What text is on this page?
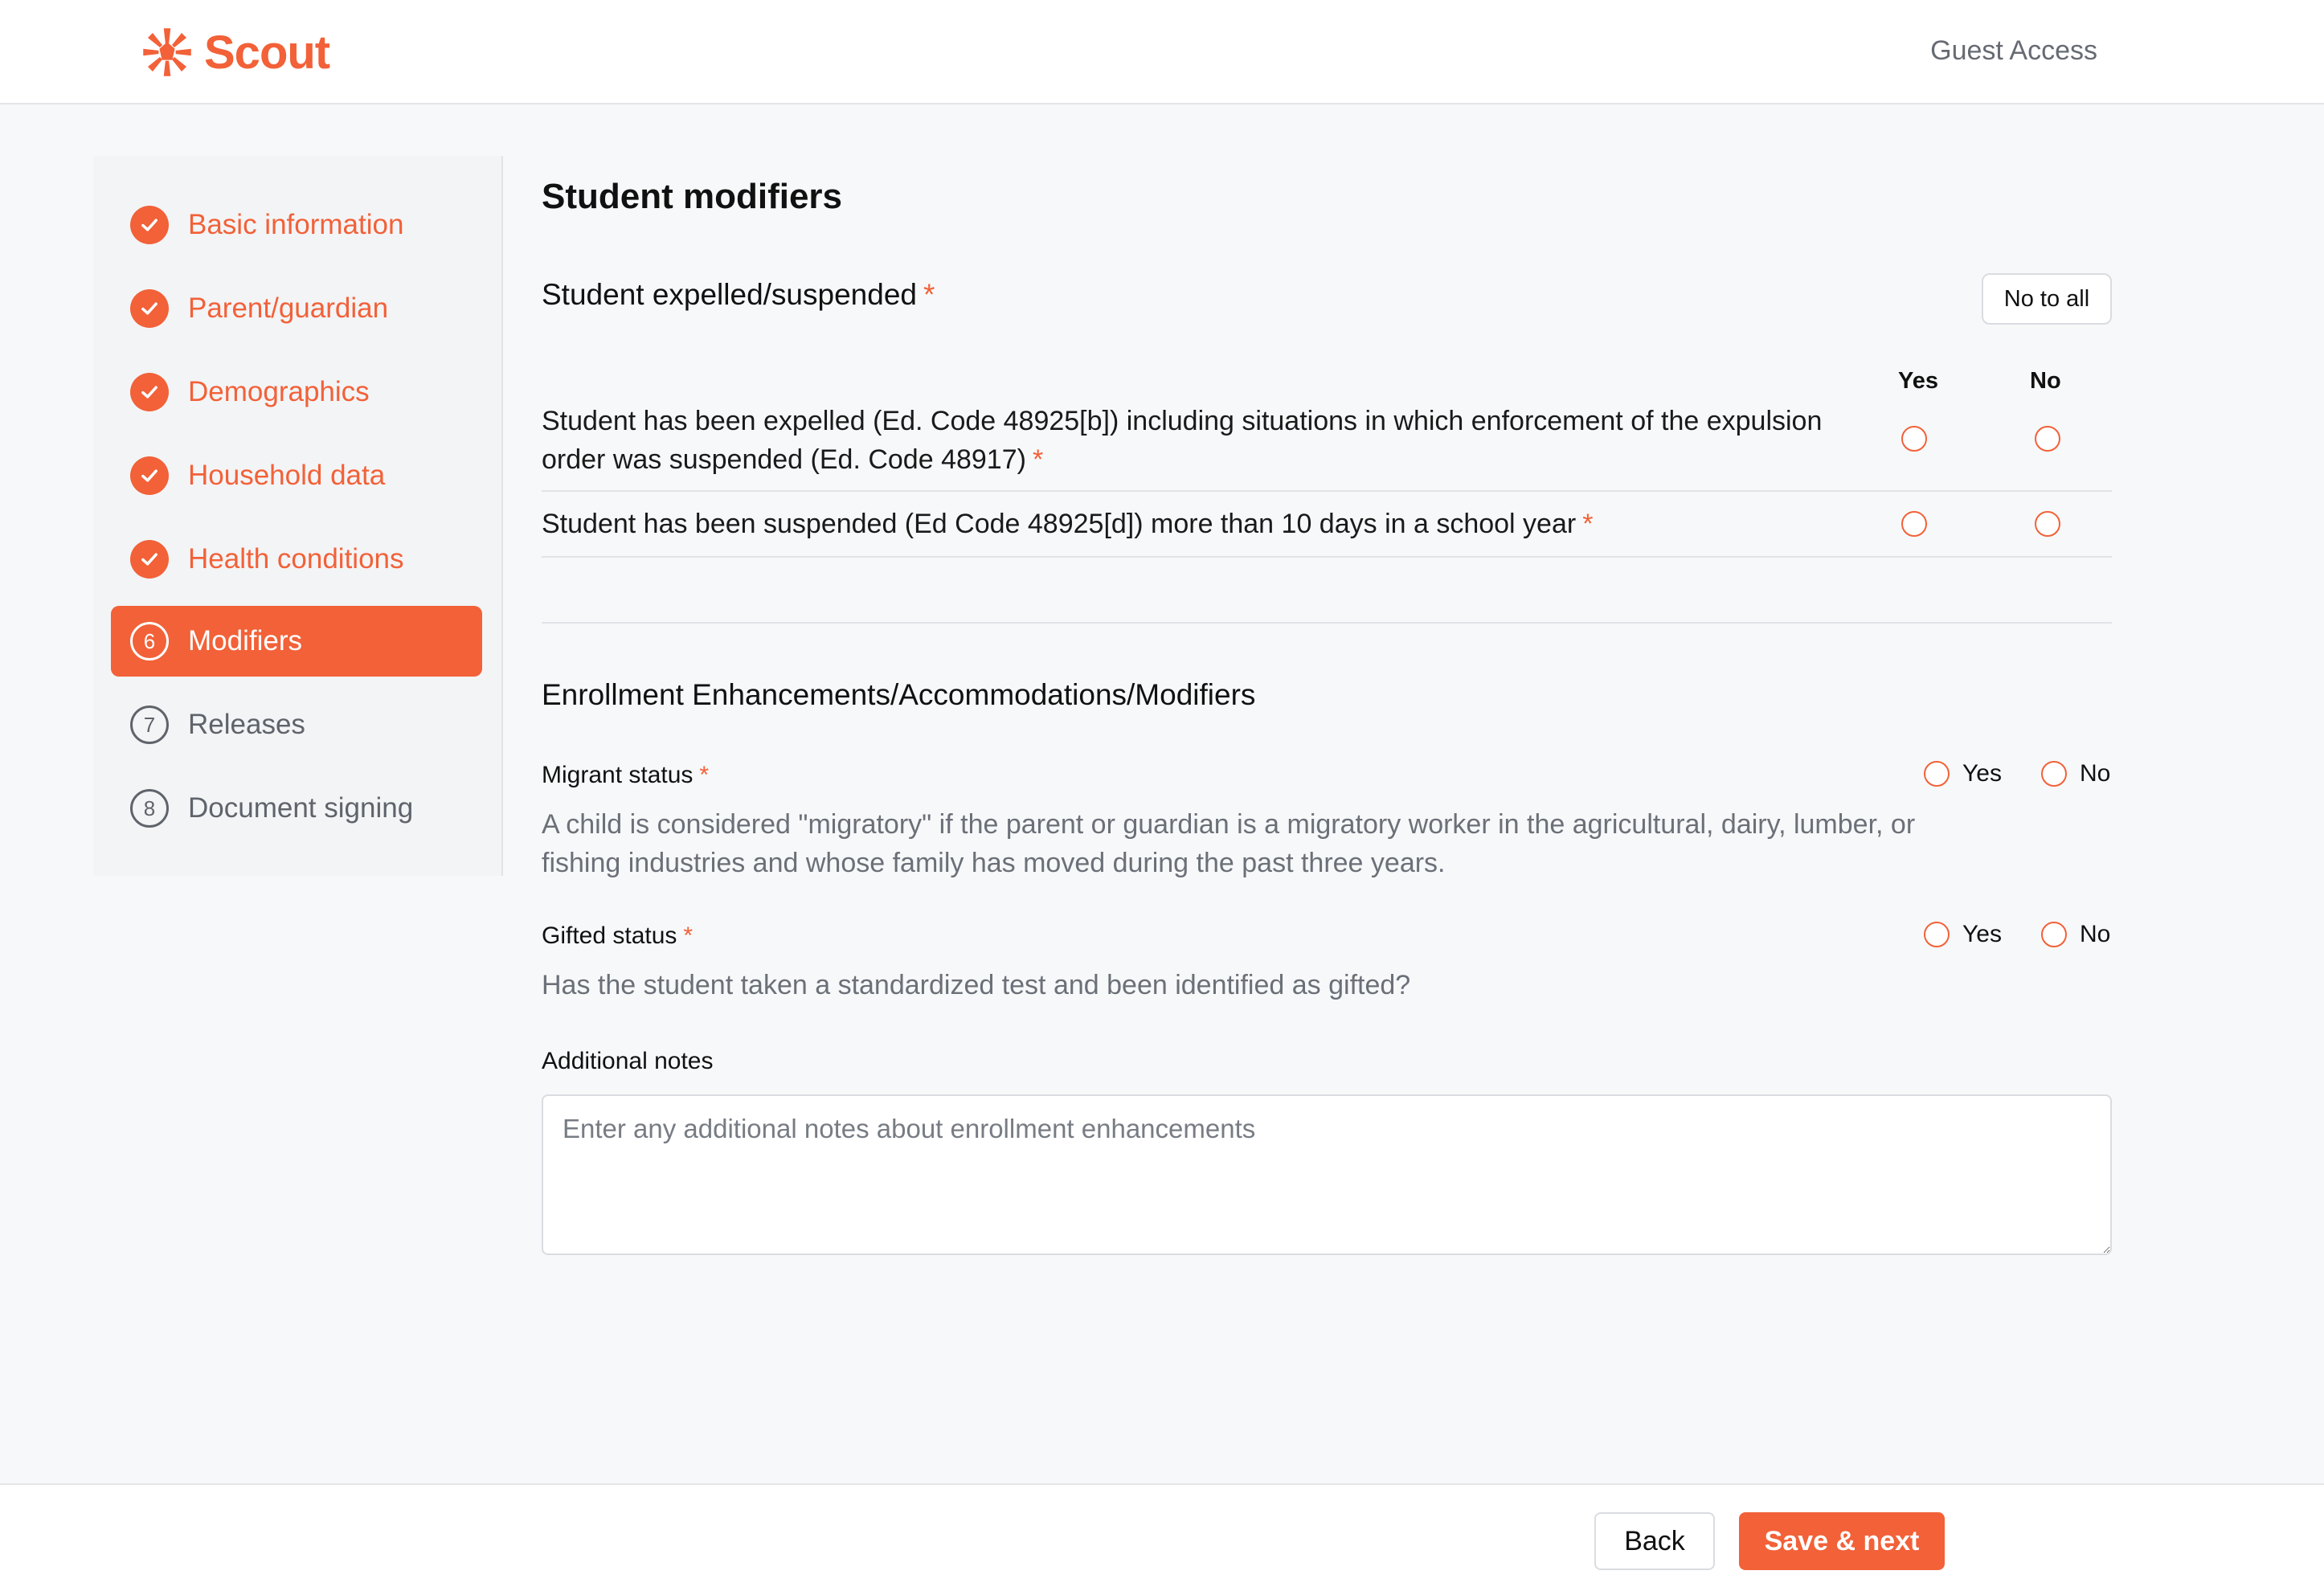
Scout	Guest Access
Basic information
Parent/guardian
Demographics
Household data
Health conditions
6	Modifiers
7	Releases
8	Document signing
Student modifiers
Student expelled/suspended *	No to all
Yes	No
Student has been expelled (Ed. Code 48925[b]) including situations in which enforcement of the expulsion order was suspended (Ed. Code 48917) *
Student has been suspended (Ed Code 48925[d]) more than 10 days in a school year *
Enrollment Enhancements/Accommodations/Modifiers
Migrant status *	Yes	No
A child is considered "migratory" if the parent or guardian is a migratory worker in the agricultural, dairy, lumber, or fishing industries and whose family has moved during the past three years.
Gifted status *	Yes	No
Has the student taken a standardized test and been identified as gifted?
Additional notes
Enter any additional notes about enrollment enhancements
Back	Save & next
